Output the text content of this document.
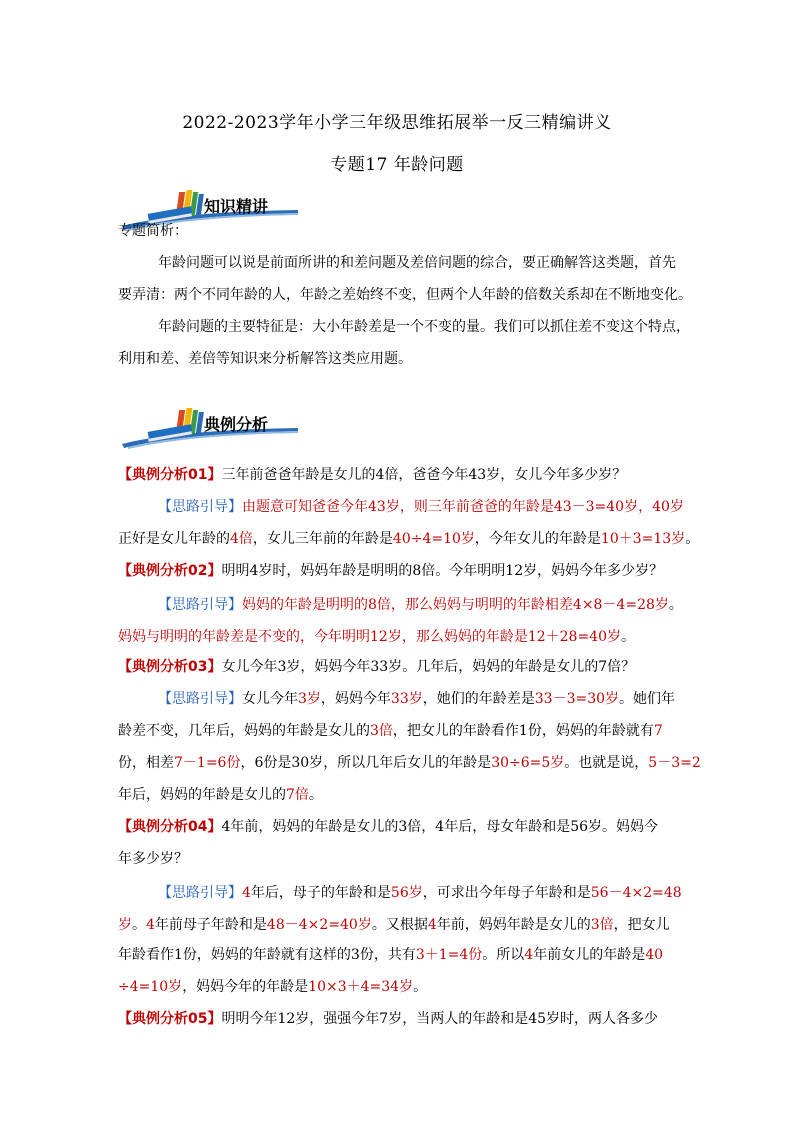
2022-2023学年小学三年级思维拓展举一反三精编讲义
专题17 年龄问题
知识精讲
专题简析：
年龄问题可以说是前面所讲的和差问题及差倍问题的综合，要正确解答这类题，首先
要弄清：两个不同年龄的人，年龄之差始终不变，但两个人年龄的倍数关系却在不断地变化。
年龄问题的主要特征是：大小年龄差是一个不变的量。我们可以抓住差不变这个特点，
利用和差、差倍等知识来分析解答这类应用题。
典例分析
【典例分析01】三年前爸爸年龄是女儿的4倍，爸爸今年43岁，女儿今年多少岁？
【思路引导】由题意可知爸爸今年43岁，则三年前爸爸的年龄是43－3=40岁，40岁
正好是女儿年龄的4倍，女儿三年前的年龄是40÷4=10岁，今年女儿的年龄是10＋3=13岁。
【典例分析02】明明4岁时，妈妈年龄是明明的8倍。今年明明12岁，妈妈今年多少岁？
【思路引导】妈妈的年龄是明明的8倍，那么妈妈与明明的年龄相差4×8－4=28岁。
妈妈与明明的年龄差是不变的，今年明明12岁，那么妈妈的年龄是12＋28=40岁。
【典例分析03】女儿今年3岁，妈妈今年33岁。几年后，妈妈的年龄是女儿的7倍？
【思路引导】女儿今年3岁，妈妈今年33岁，她们的年龄差是33－3=30岁。她们年
龄差不变，几年后，妈妈的年龄是女儿的3倍，把女儿的年龄看作1份，妈妈的年龄就有7
份，相差7－1=6份，6份是30岁，所以几年后女儿的年龄是30÷6=5岁。也就是说，5－3=2
年后，妈妈的年龄是女儿的7倍。
【典例分析04】4年前，妈妈的年龄是女儿的3倍，4年后，母女年龄和是56岁。妈妈今
年多少岁？
【思路引导】4年后，母子的年龄和是56岁，可求出今年母子年龄和是56－4×2=48
岁。4年前母子年龄和是48－4×2=40岁。又根据4年前，妈妈年龄是女儿的3倍，把女儿
年龄看作1份，妈妈的年龄就有这样的3份，共有3＋1=4份。所以4年前女儿的年龄是40
÷4=10岁，妈妈今年的年龄是10×3＋4=34岁。
【典例分析05】明明今年12岁，强强今年7岁，当两人的年龄和是45岁时，两人各多少
